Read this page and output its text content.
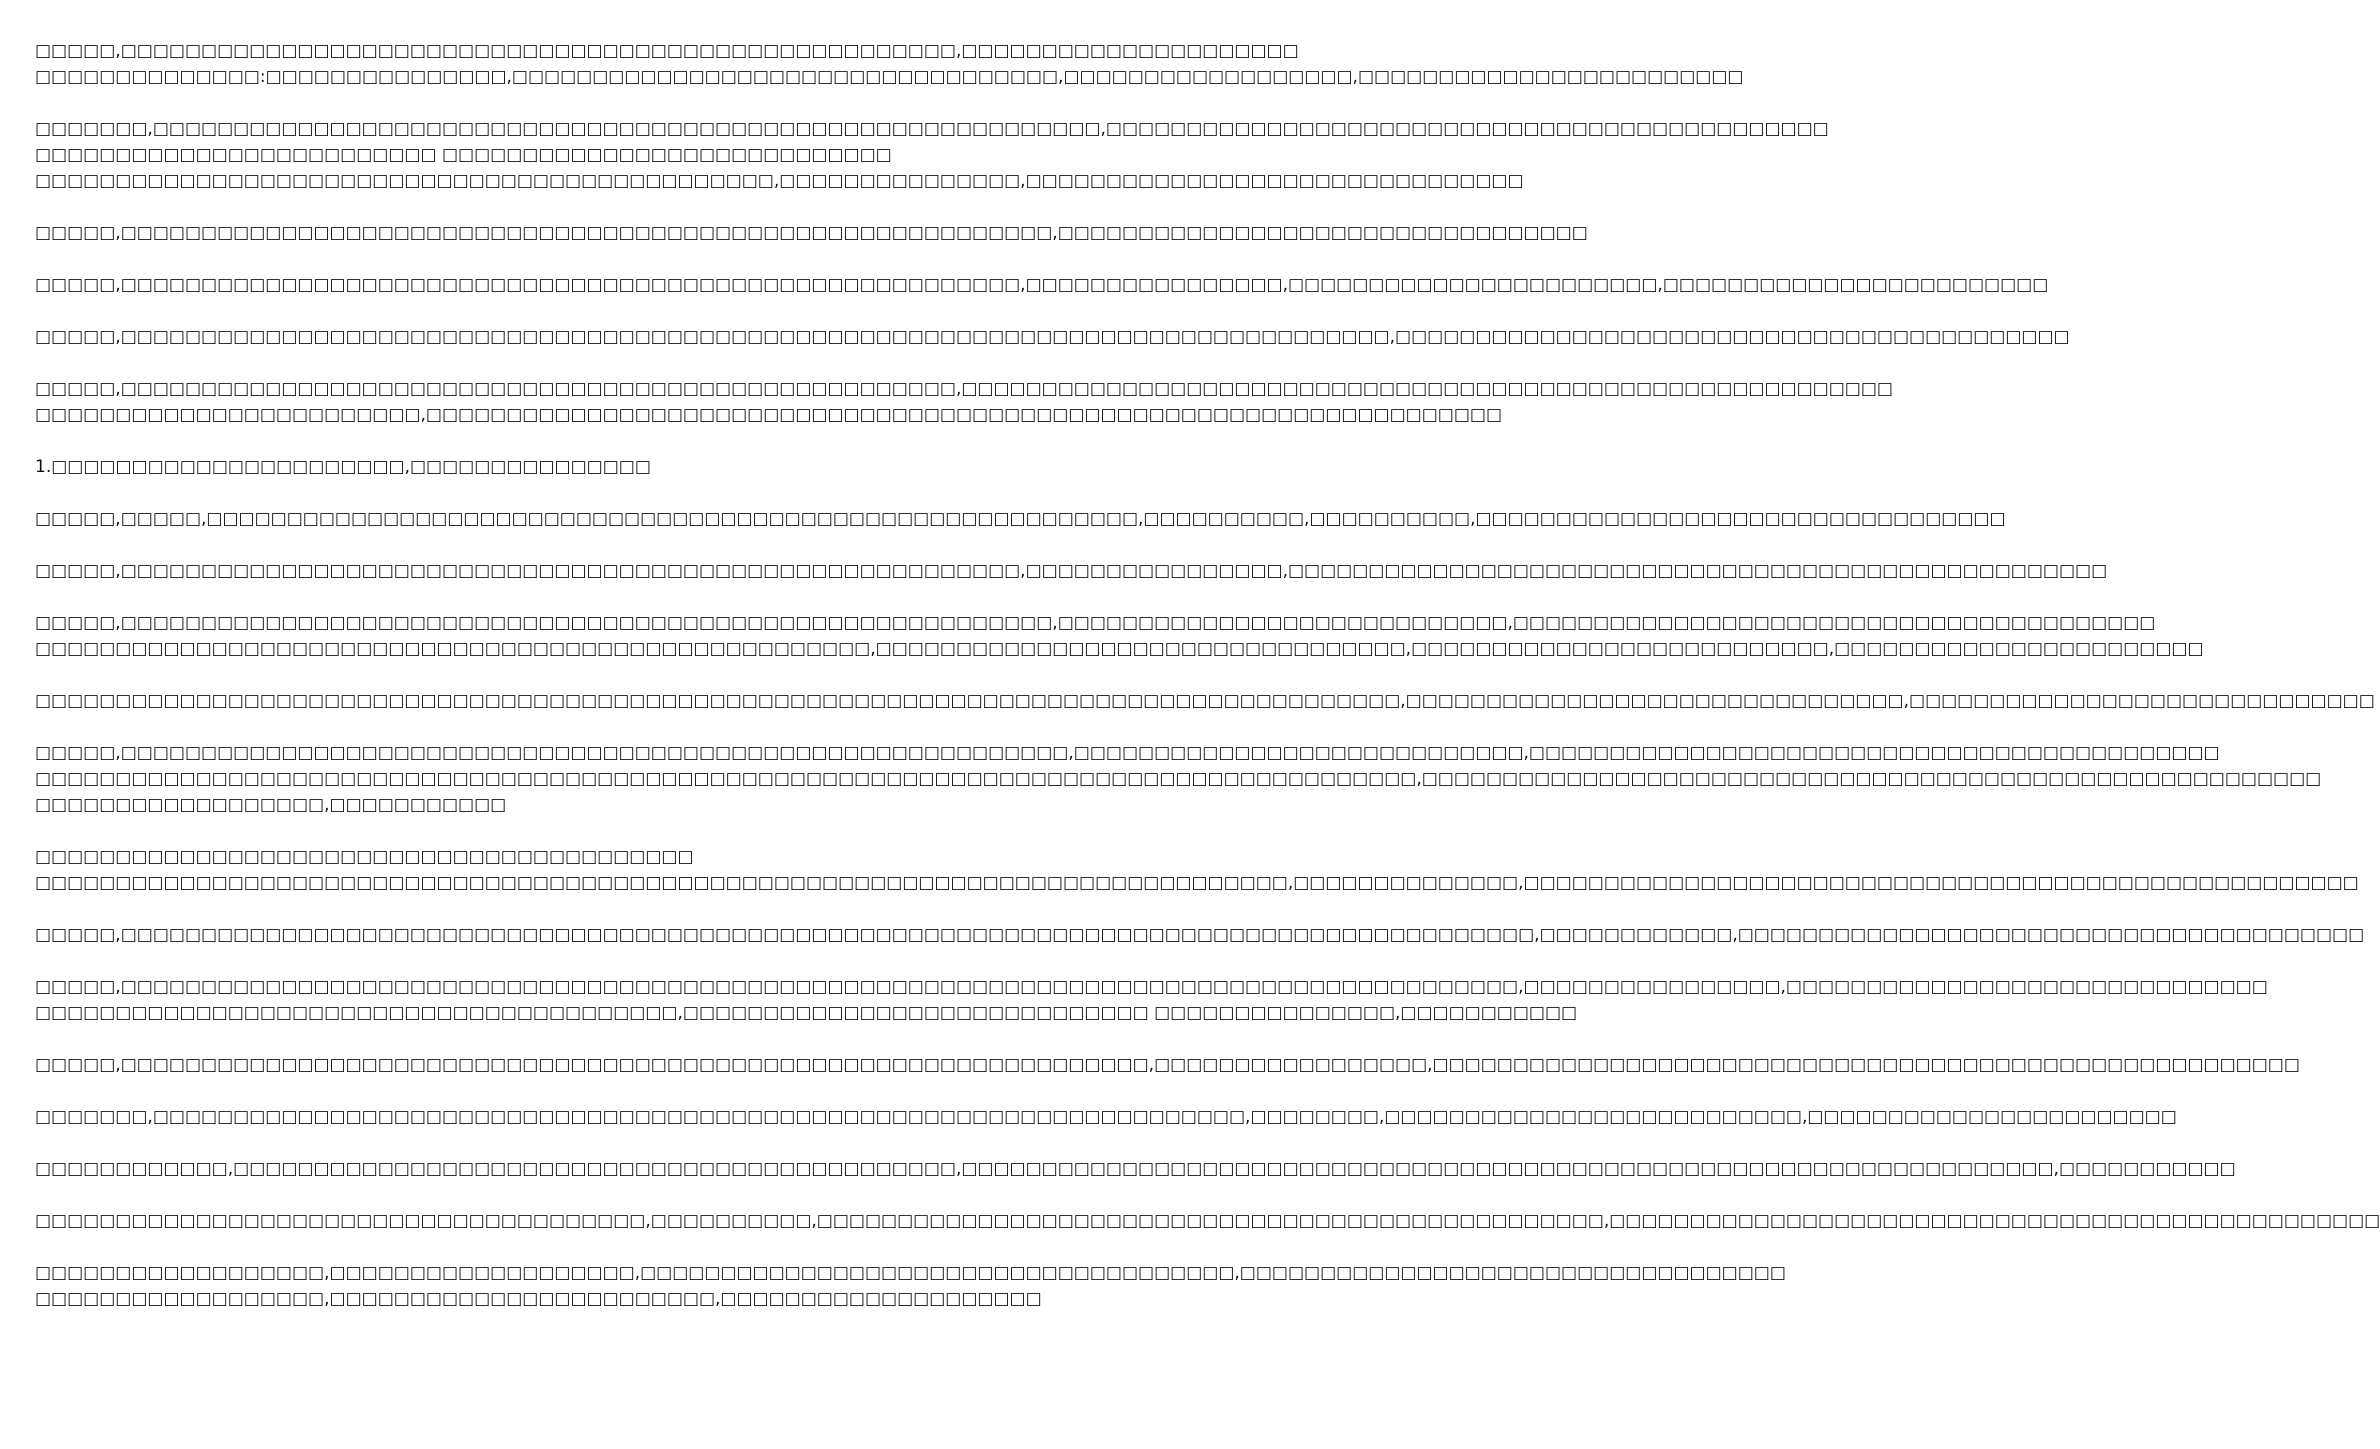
□□□□□,□□□□□□□□□□□□□□□□□□□□□□□□□□□□□□□□□□□□□□□□□□□□□□□□□□□□,□□□□□□□□□□□□□□□□□□□□□
□□□□□□□□□□□□□□:□□□□□□□□□□□□□□□,□□□□□□□□□□□□□□□□□□□□□□□□□□□□□□□□□□,□□□□□□□□□□□□□□□□□□,□□□□□□□□□□□□□□□□□□□□□□□□
□□□□□□□,□□□□□□□□□□□□□□□□□□□□□□□□□□□□□□□□□□□□□□□□□□□□□□□□□□□□□□□□□□□,□□□□□□□□□□□□□□□□□□□□□□□□□□□□□□□□□□□□□□□□□□□□□
□□□□□□□□□□□□□□□□□□□□□□□□□ □□□□□□□□□□□□□□□□□□□□□□□□□□□□
□□□□□□□□□□□□□□□□□□□□□□□□□□□□□□□□□□□□□□□□□□□□□□,□□□□□□□□□□□□□□□,□□□□□□□□□□□□□□□□□□□□□□□□□□□□□□□
□□□□□,□□□□□□□□□□□□□□□□□□□□□□□□□□□□□□□□□□□□□□□□□□□□□□□□□□□□□□□□□□,□□□□□□□□□□□□□□□□□□□□□□□□□□□□□□□□□
□□□□□,□□□□□□□□□□□□□□□□□□□□□□□□□□□□□□□□□□□□□□□□□□□□□□□□□□□□□□□□,□□□□□□□□□□□□□□□□,□□□□□□□□□□□□□□□□□□□□□□□,□□□□□□□□□□□□□□□□□□□□□□□□
□□□□□,□□□□□□□□□□□□□□□□□□□□□□□□□□□□□□□□□□□□□□□□□□□□□□□□□□□□□□□□□□□□□□□□□□□□□□□□□□□□□□□,□□□□□□□□□□□□□□□□□□□□□□□□□□□□□□□□□□□□□□□□□□
□□□□□,□□□□□□□□□□□□□□□□□□□□□□□□□□□□□□□□□□□□□□□□□□□□□□□□□□□□,□□□□□□□□□□□□□□□□□□□□□□□□□□□□□□□□□□□□□□□□□□□□□□□□□□□□□□□□□□
□□□□□□□□□□□□□□□□□□□□□□□□,□□□□□□□□□□□□□□□□□□□□□□□□□□□□□□□□□□□□□□□□□□□□□□□□□□□□□□□□□□□□□□□□□□□
1.□□□□□□□□□□□□□□□□□□□□□□,□□□□□□□□□□□□□□□
□□□□□,□□□□□,□□□□□□□□□□□□□□□□□□□□□□□□□□□□□□□□□□□□□□□□□□□□□□□□□□□□□□□□□□,□□□□□□□□□□,□□□□□□□□□□,□□□□□□□□□□□□□□□□□□□□□□□□□□□□□□□□□
□□□□□,□□□□□□□□□□□□□□□□□□□□□□□□□□□□□□□□□□□□□□□□□□□□□□□□□□□□□□□□,□□□□□□□□□□□□□□□□,□□□□□□□□□□□□□□□□□□□□□□□□□□□□□□□□□□□□□□□□□□□□□□□□□□□
□□□□□,□□□□□□□□□□□□□□□□□□□□□□□□□□□□□□□□□□□□□□□□□□□□□□□□□□□□□□□□□□,□□□□□□□□□□□□□□□□□□□□□□□□□□□□,□□□□□□□□□□□□□□□□□□□□□□□□□□□□□□□□□□□□□□□□
□□□□□□□□□□□□□□□□□□□□□□□□□□□□□□□□□□□□□□□□□□□□□□□□□□□□,□□□□□□□□□□□□□□□□□□□□□□□□□□□□□□□□□,□□□□□□□□□□□□□□□□□□□□□□□□□□,□□□□□□□□□□□□□□□□□□□□□□□
□□□□□□□□□□□□□□□□□□□□□□□□□□□□□□□□□□□□□□□□□□□□□□□□□□□□□□□□□□□□□□□□□□□□□□□□□□□□□□□□□□□□□,□□□□□□□□□□□□□□□□□□□□□□□□□□□□□□□,□□□□□□□□□□□□□□□□□□□□□□□□□□□□□
□□□□□,□□□□□□□□□□□□□□□□□□□□□□□□□□□□□□□□□□□□□□□□□□□□□□□□□□□□□□□□□□□,□□□□□□□□□□□□□□□□□□□□□□□□□□□□,□□□□□□□□□□□□□□□□□□□□□□□□□□□□□□□□□□□□□□□□□□□
□□□□□□□□□□□□□□□□□□□□□□□□□□□□□□□□□□□□□□□□□□□□□□□□□□□□□□□□□□□□□□□□□□□□□□□□□□□□□□□□□□□□□□,□□□□□□□□□□□□□□□□□□□□□□□□□□□□□□□□□□□□□□□□□□□□□□□□□□□□□□□□
□□□□□□□□□□□□□□□□□□,□□□□□□□□□□□
□□□□□□□□□□□□□□□□□□□□□□□□□□□□□□□□□□□□□□□□□
□□□□□□□□□□□□□□□□□□□□□□□□□□□□□□□□□□□□□□□□□□□□□□□□□□□□□□□□□□□□□□□□□□□□□□□□□□□□□□,□□□□□□□□□□□□□□,□□□□□□□□□□□□□□□□□□□□□□□□□□□□□□□□□□□□□□□□□□□□□□□□□□□□
□□□□□,□□□□□□□□□□□□□□□□□□□□□□□□□□□□□□□□□□□□□□□□□□□□□□□□□□□□□□□□□□□□□□□□□□□□□□□□□□□□□□□□□□□□□□□□,□□□□□□□□□□□□,□□□□□□□□□□□□□□□□□□□□□□□□□□□□□□□□□□□□□□□
□□□□□,□□□□□□□□□□□□□□□□□□□□□□□□□□□□□□□□□□□□□□□□□□□□□□□□□□□□□□□□□□□□□□□□□□□□□□□□□□□□□□□□□□□□□□□,□□□□□□□□□□□□□□□□,□□□□□□□□□□□□□□□□□□□□□□□□□□□□□□
□□□□□□□□□□□□□□□□□□□□□□□□□□□□□□□□□□□□□□□□,□□□□□□□□□□□□□□□□□□□□□□□□□□□□□ □□□□□□□□□□□□□□□,□□□□□□□□□□□
□□□□□,□□□□□□□□□□□□□□□□□□□□□□□□□□□□□□□□□□□□□□□□□□□□□□□□□□□□□□□□□□□□□□□□,□□□□□□□□□□□□□□□□□,□□□□□□□□□□□□□□□□□□□□□□□□□□□□□□□□□□□□□□□□□□□□□□□□□□□□□□
□□□□□□□,□□□□□□□□□□□□□□□□□□□□□□□□□□□□□□□□□□□□□□□□□□□□□□□□□□□□□□□□□□□□□□□□□□□□,□□□□□□□□,□□□□□□□□□□□□□□□□□□□□□□□□□□,□□□□□□□□□□□□□□□□□□□□□□□
□□□□□□□□□□□□,□□□□□□□□□□□□□□□□□□□□□□□□□□□□□□□□□□□□□□□□□□□□□,□□□□□□□□□□□□□□□□□□□□□□□□□□□□□□□□□□□□□□□□□□□□□□□□□□□□□□□□□□□□□□□□□□□□,□□□□□□□□□□□
□□□□□□□□□□□□□□□□□□□□□□□□□□□□□□□□□□□□□□,□□□□□□□□□□,□□□□□□□□□□□□□□□□□□□□□□□□□□□□□□□□□□□□□□□□□□□□□□□□□,□□□□□□□□□□□□□□□□□□□□□□□□□□□□□□□□□□□□□□□□□□□□□□□□
□□□□□□□□□□□□□□□□□□,□□□□□□□□□□□□□□□□□□□,□□□□□□□□□□□□□□□□□□□□□□□□□□□□□□□□□□□□□,□□□□□□□□□□□□□□□□□□□□□□□□□□□□□□□□□□
□□□□□□□□□□□□□□□□□□,□□□□□□□□□□□□□□□□□□□□□□□□,□□□□□□□□□□□□□□□□□□□□
